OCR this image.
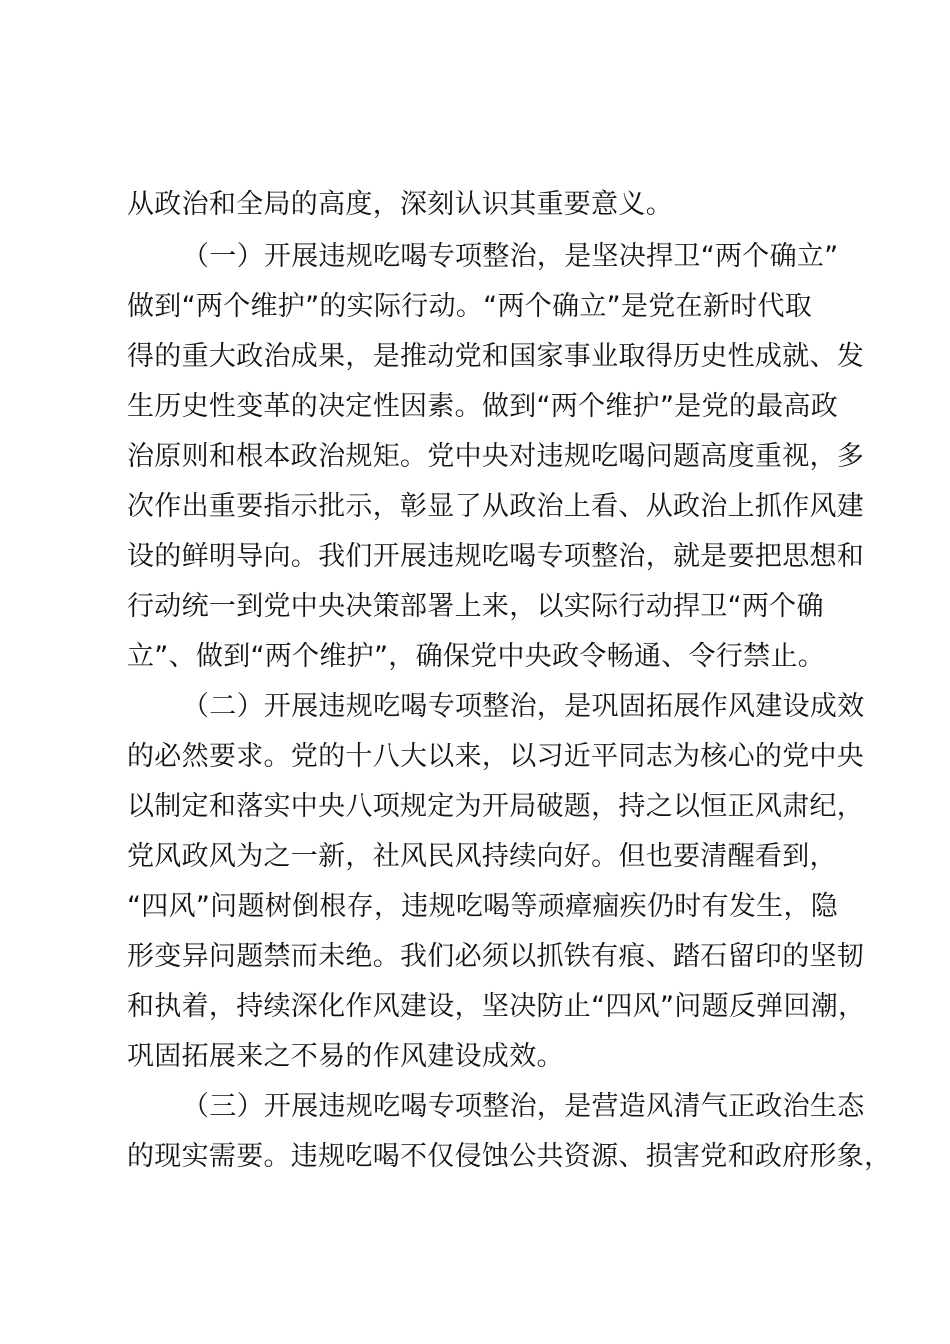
从政治和全局的高度，深刻认识其重要意义。
（一）开展违规吃喝专项整治，是坚决捍卫“两个确立”
做到“两个维护”的实际行动。“两个确立”是党在新时代取
得的重大政治成果，是推动党和国家事业取得历史性成就、发
生历史性变革的决定性因素。做到“两个维护”是党的最高政
治原则和根本政治规矩。党中央对违规吃喝问题高度重视，多
次作出重要指示批示，彰显了从政治上看、从政治上抓作风建
设的鲜明导向。我们开展违规吃喝专项整治，就是要把思想和
行动统一到党中央决策部署上来，以实际行动捍卫“两个确
立”、做到“两个维护”，确保党中央政令畅通、令行禁止。
（二）开展违规吃喝专项整治，是巩固拓展作风建设成效
的必然要求。党的十八大以来，以习近平同志为核心的党中央
以制定和落实中央八项规定为开局破题，持之以恒正风肃纪，
党风政风为之一新，社风民风持续向好。但也要清醒看到，
“四风”问题树倒根存，违规吃喝等顽瘴痼疾仍时有发生，隐
形变异问题禁而未绝。我们必须以抓铁有痕、踏石留印的坚韧
和执着，持续深化作风建设，坚决防止“四风”问题反弹回潮，
巩固拓展来之不易的作风建设成效。
（三）开展违规吃喝专项整治，是营造风清气正政治生态
的现实需要。违规吃喝不仅侵蚀公共资源、损害党和政府形象，
